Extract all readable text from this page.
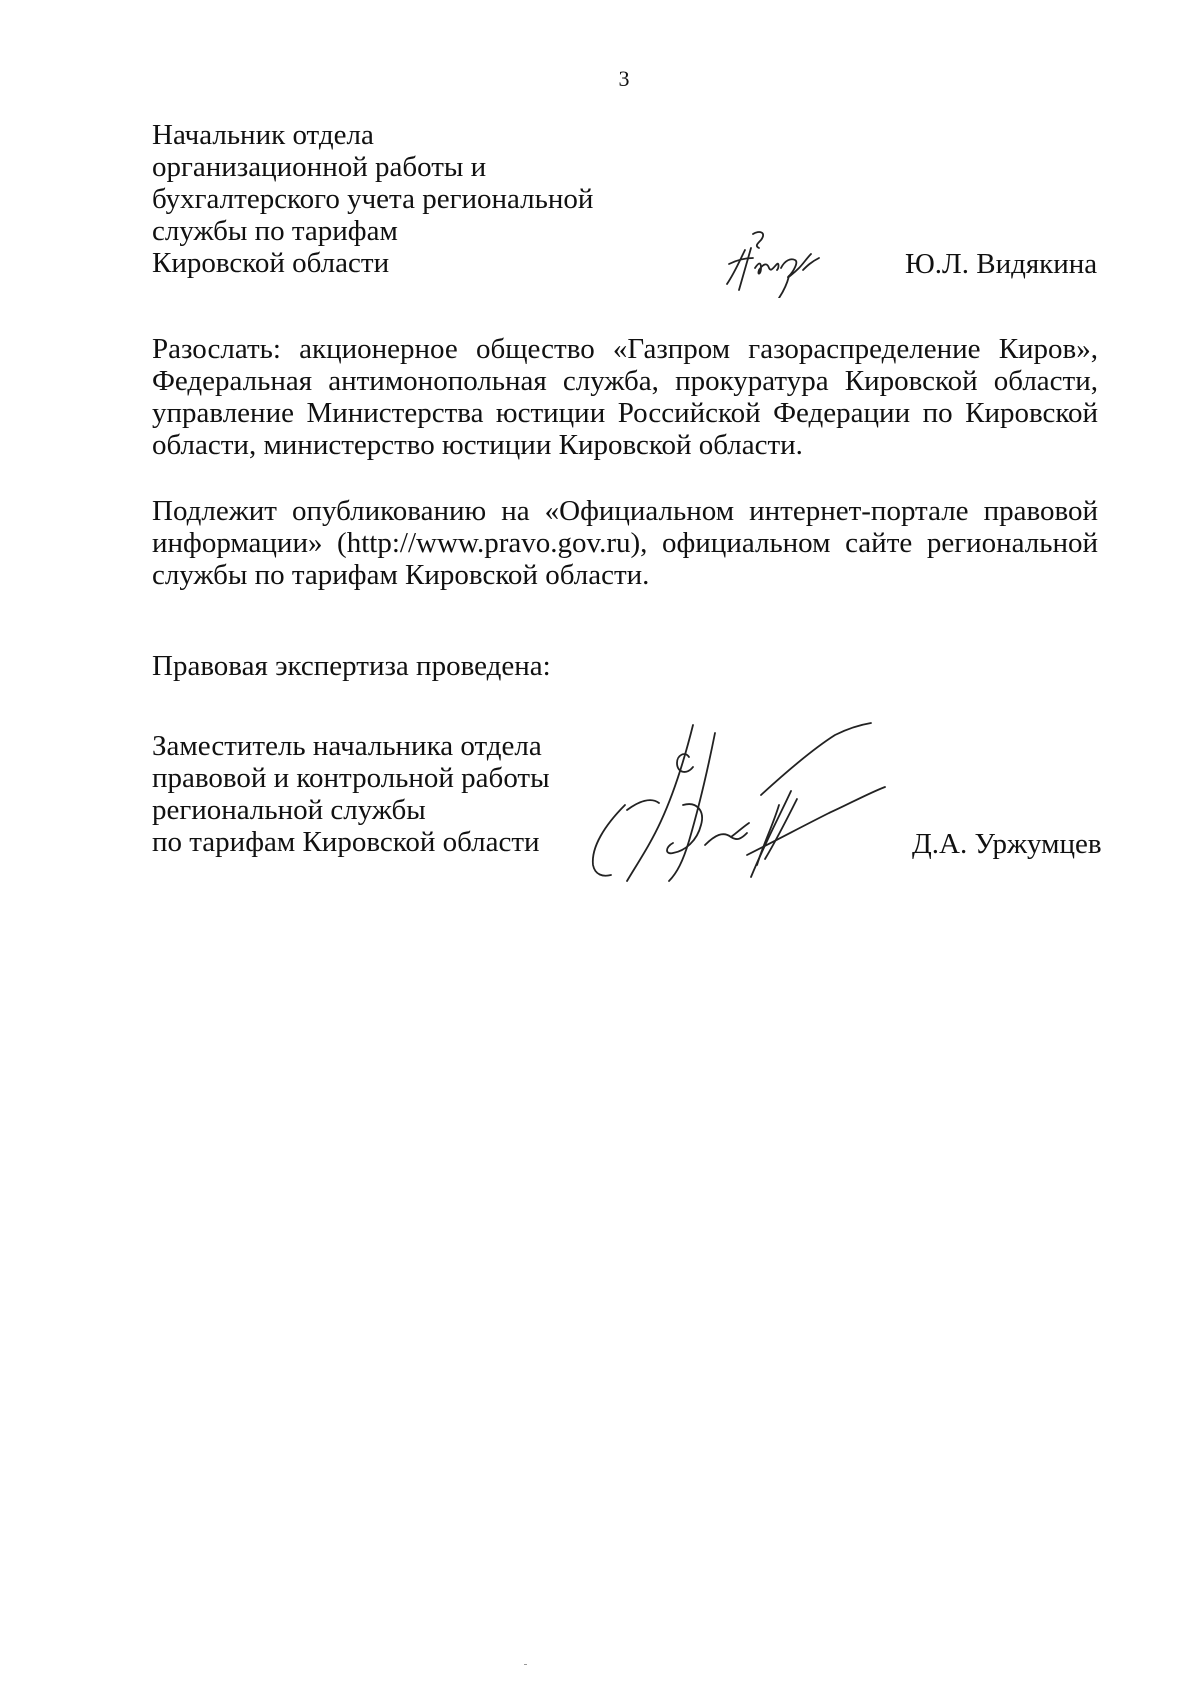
3
Начальник отдела
организационной работы и
бухгалтерского учета региональной
службы по тарифам
Кировской области	Ю.Л. Видякина
Разослать: акционерное общество «Газпром газораспределение Киров», Федеральная антимонопольная служба, прокуратура Кировской области, управление Министерства юстиции Российской Федерации по Кировской области, министерство юстиции Кировской области.
Подлежит опубликованию на «Официальном интернет-портале правовой информации» (http://www.pravo.gov.ru), официальном сайте региональной службы по тарифам Кировской области.
Правовая экспертиза проведена:
Заместитель начальника отдела
правовой и контрольной работы
региональной службы
по тарифам Кировской области	Д.А. Уржумцев
